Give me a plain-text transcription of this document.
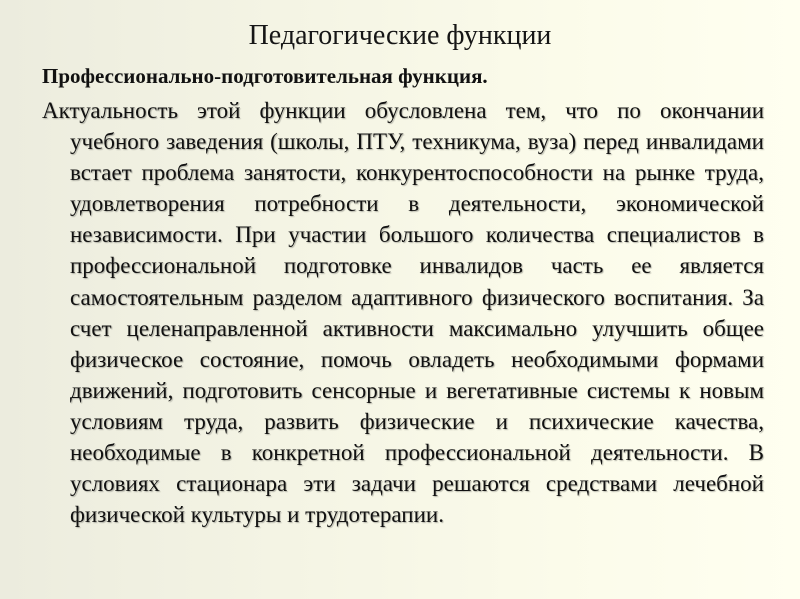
Педагогические функции
Профессионально-подготовительная функция.
Актуальность этой функции обусловлена тем, что по окончании учебного заведения (школы, ПТУ, техникума, вуза) перед инвалидами встает проблема занятости, конкурентоспособности на рынке труда, удовлетворения потребности в деятельности, экономической независимости. При участии большого количества специалистов в профессиональной подготовке инвалидов часть ее является самостоятельным разделом адаптивного физического воспитания. За счет целенаправленной активности максимально улучшить общее физическое состояние, помочь овладеть необходимыми формами движений, подготовить сенсорные и вегетативные системы к новым условиям труда, развить физические и психические качества, необходимые в конкретной профессиональной деятельности. В условиях стационара эти задачи решаются средствами лечебной физической культуры и трудотерапии.
